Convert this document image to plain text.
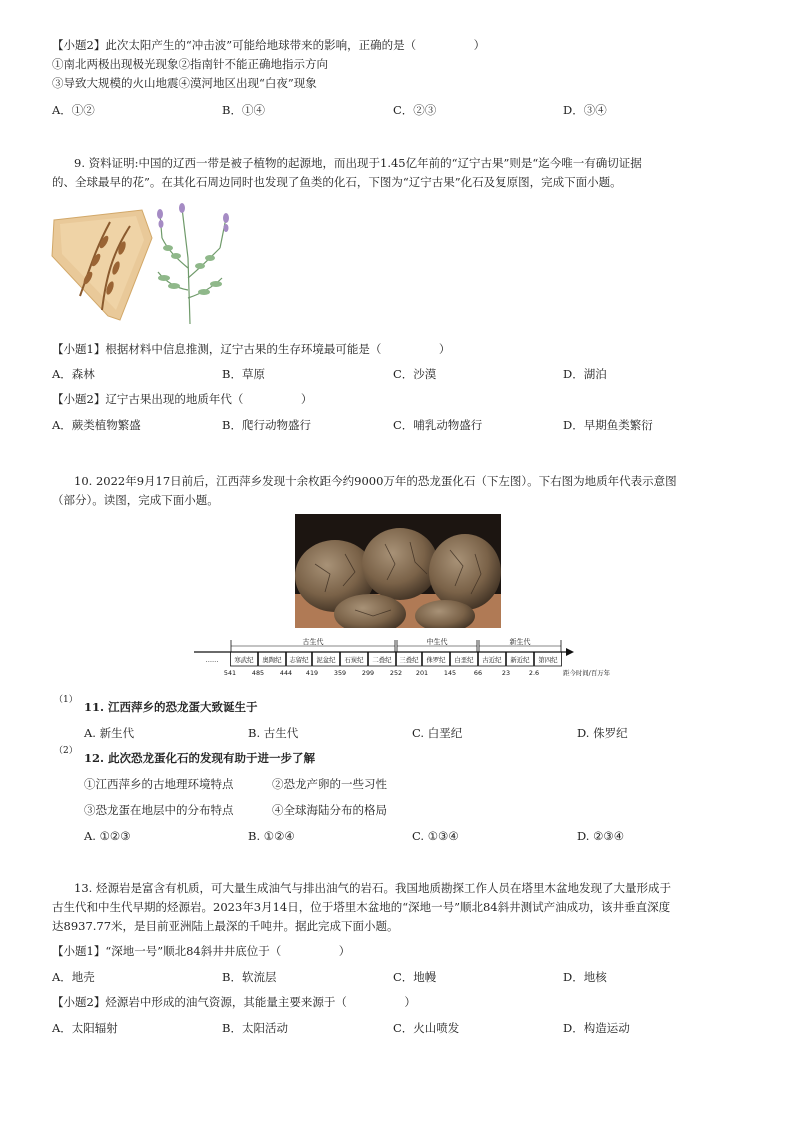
【小题2】此次太阳产生的“冲击波”可能给地球带来的影响，正确的是（　　　　　）
①南北两极出现极光现象②指南针不能正确地指示方向
③导致大规模的火山地震④漠河地区出现“白夜”现象
A．①②	B．①④	C．②③	D．③④
9. 资料证明:中国的辽西一带是被子植物的起源地，而出现于1.45亿年前的“辽宁古果”则是“迄今唯一有确切证据
的、全球最早的花”。在其化石周边同时也发现了鱼类的化石，下图为“辽宁古果”化石及复原图，完成下面小题。
【小题1】根据材料中信息推测，辽宁古果的生存环境最可能是（　　　　　）
A．森林	B．草原	C．沙漠	D．湖泊
【小题2】辽宁古果出现的地质年代（　　　　　）
A．蕨类植物繁盛	B．爬行动物盛行	C．哺乳动物盛行	D．早期鱼类繁衍
10. 2022年9月17日前后，江西萍乡发现十余枚距今约9000万年的恐龙蛋化石（下左图）。下右图为地质年代表示意图
（部分）。读图，完成下面小题。
……	寒武纪 奥陶纪 志留纪 泥盆纪 石炭纪 二叠纪 三叠纪 侏罗纪 白垩纪 古近纪 新近纪 第四纪
古生代	中生代	新生代
541 485 444 419 359 299 252 201 145	66	23	2.6	距今时间/百万年
（1） 11. 江西萍乡的恐龙蛋大致诞生于
A. 新生代	B. 古生代	C. 白垩纪	D. 侏罗纪
（2） 12. 此次恐龙蛋化石的发现有助于进一步了解
①江西萍乡的古地理环境特点	②恐龙产卵的一些习性
③恐龙蛋在地层中的分布特点	④全球海陆分布的格局
A. ①②③	B. ①②④	C. ①③④	D. ②③④
13. 烃源岩是富含有机质，可大量生成油气与排出油气的岩石。我国地质勘探工作人员在塔里木盆地发现了大量形成于
古生代和中生代早期的烃源岩。2023年3月14日，位于塔里木盆地的“深地一号”顺北84斜井测试产油成功，该井垂直深度
达8937.77米，是目前亚洲陆上最深的千吨井。据此完成下面小题。
【小题1】“深地一号”顺北84斜井井底位于（　　　　　）
A．地壳	B．软流层	C．地幔	D．地核
【小题2】烃源岩中形成的油气资源，其能量主要来源于（　　　　　）
A．太阳辐射	B．太阳活动	C．火山喷发	D．构造运动
